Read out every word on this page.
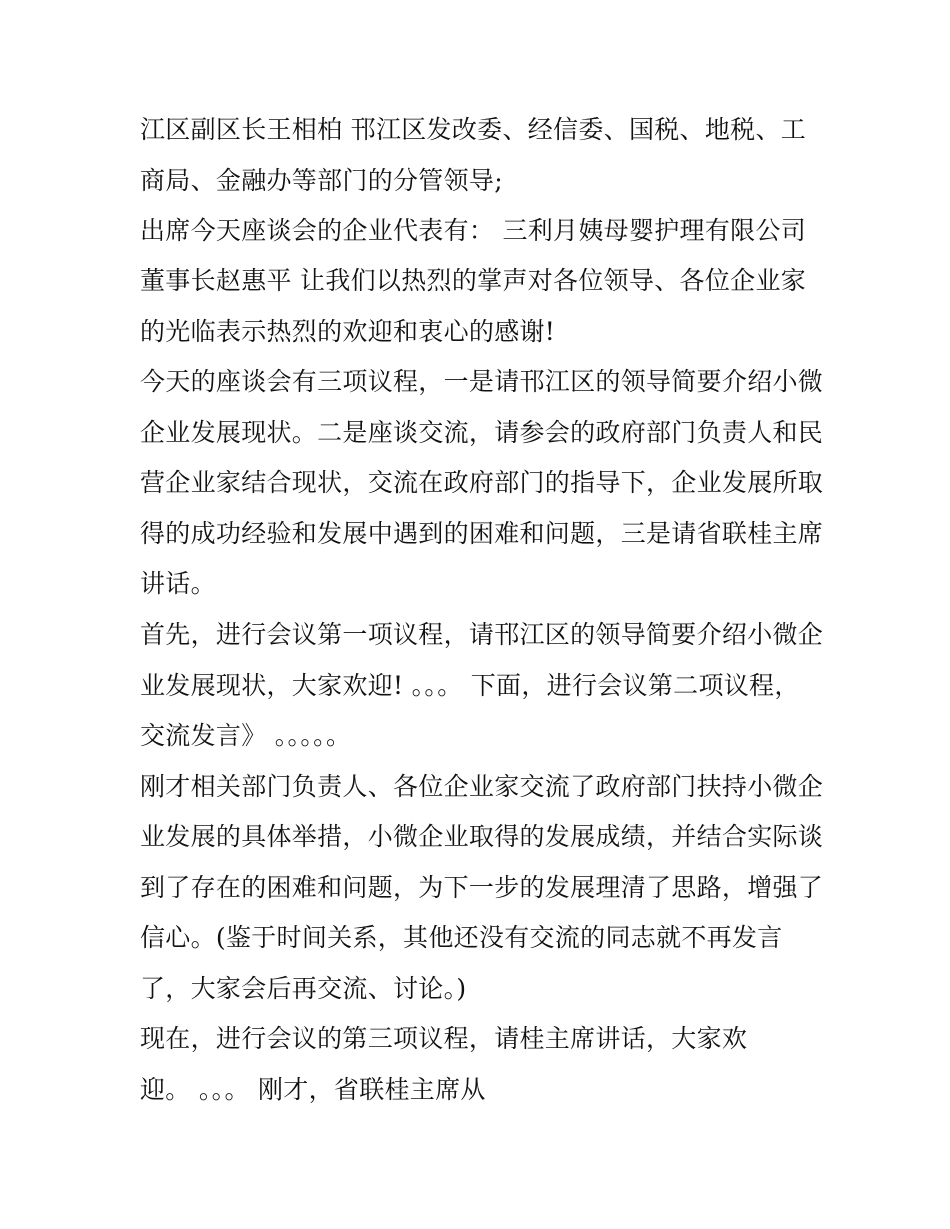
江区副区长王相柏 邗江区发改委、经信委、国税、地税、工
商局、金融办等部门的分管领导;
出席今天座谈会的企业代表有： 三利月姨母婴护理有限公司
董事长赵惠平 让我们以热烈的掌声对各位领导、各位企业家
的光临表示热烈的欢迎和衷心的感谢!
今天的座谈会有三项议程，一是请邗江区的领导简要介绍小微
企业发展现状。二是座谈交流，请参会的政府部门负责人和民
营企业家结合现状，交流在政府部门的指导下，企业发展所取
得的成功经验和发展中遇到的困难和问题，三是请省联桂主席
讲话。
首先，进行会议第一项议程，请邗江区的领导简要介绍小微企
业发展现状，大家欢迎! 。。。 下面，进行会议第二项议程，
交流发言》 。。。。。
刚才相关部门负责人、各位企业家交流了政府部门扶持小微企
业发展的具体举措，小微企业取得的发展成绩，并结合实际谈
到了存在的困难和问题，为下一步的发展理清了思路，增强了
信心。(鉴于时间关系，其他还没有交流的同志就不再发言
了，大家会后再交流、讨论。)
现在，进行会议的第三项议程，请桂主席讲话，大家欢
迎。 。。。 刚才，省联桂主席从
